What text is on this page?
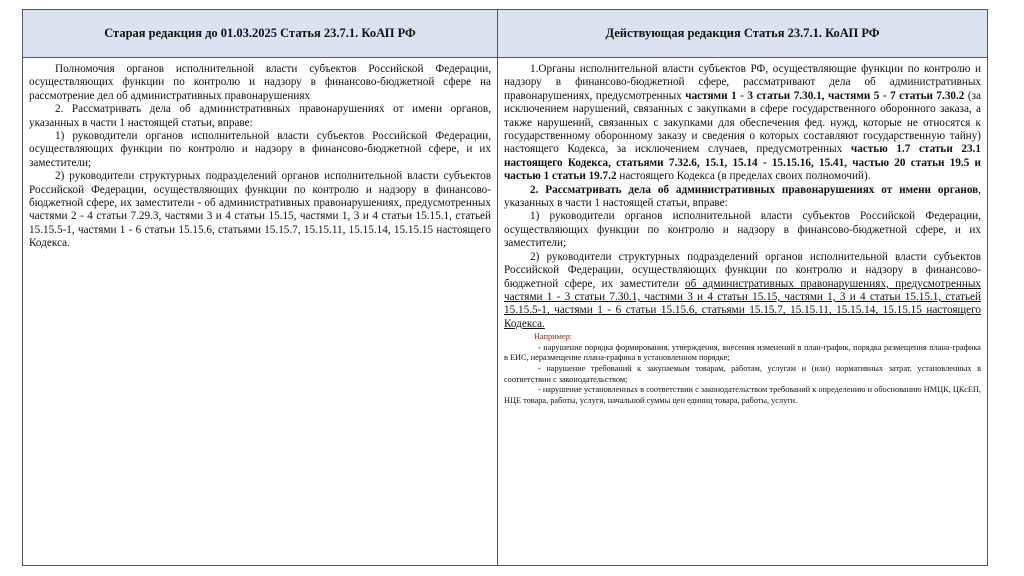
Старая редакция до 01.03.2025 Статья 23.7.1. КоАП РФ	Действующая редакция Статья 23.7.1. КоАП РФ

Полномочия органов исполнительной власти субъектов Российской Федерации, осуществляющих функции по контролю и надзору в финансово-бюджетной сфере на рассмотрение дел об административных правонарушениях

2. Рассматривать дела об административных правонарушениях от имени органов, указанных в части 1 настоящей статьи, вправе:

1) руководители органов исполнительной власти субъектов Российской Федерации, осуществляющих функции по контролю и надзору в финансово-бюджетной сфере, и их заместители;

2) руководители структурных подразделений органов исполнительной власти субъектов Российской Федерации, осуществляющих функции по контролю и надзору в финансово-бюджетной сфере, их заместители - об административных правонарушениях, предусмотренных частями 2 - 4 статьи 7.29.3, частями 3 и 4 статьи 15.15, частями 1, 3 и 4 статьи 15.15.1, статьей 15.15.5-1, частями 1 - 6 статьи 15.15.6, статьями 15.15.7, 15.15.11, 15.15.14, 15.15.15 настоящего Кодекса.

1.Органы исполнительной власти субъектов РФ, осуществляющие функции по контролю и надзору в финансово-бюджетной сфере, рассматривают дела об административных правонарушениях, предусмотренных частями 1 - 3 статьи 7.30.1, частями 5 - 7 статьи 7.30.2 (за исключением нарушений, связанных с закупками в сфере государственного оборонного заказа, а также нарушений, связанных с закупками для обеспечения фед. нужд, которые не относятся к государственному оборонному заказу и сведения о которых составляют государственную тайну) настоящего Кодекса, за исключением случаев, предусмотренных частью 1.7 статьи 23.1 настоящего Кодекса, статьями 7.32.6, 15.1, 15.14 - 15.15.16, 15.41, частью 20 статьи 19.5 и частью 1 статьи 19.7.2 настоящего Кодекса (в пределах своих полномочий).

2. Рассматривать дела об административных правонарушениях от имени органов, указанных в части 1 настоящей статьи, вправе:

1) руководители органов исполнительной власти субъектов Российской Федерации, осуществляющих функции по контролю и надзору в финансово-бюджетной сфере, и их заместители;

2) руководители структурных подразделений органов исполнительной власти субъектов Российской Федерации, осуществляющих функции по контролю и надзору в финансово-бюджетной сфере, их заместители об административных правонарушениях, предусмотренных частями 1 - 3 статьи 7.30.1, частями 3 и 4 статьи 15.15, частями 1, 3 и 4 статьи 15.15.1, статьей 15.15.5-1, частями 1 - 6 статьи 15.15.6, статьями 15.15.7, 15.15.11, 15.15.14, 15.15.15 настоящего Кодекса.

Например:

- нарушение порядка формирования, утверждения, внесения изменений в план-график, порядка размещения плана-графика в ЕИС, неразмещение плана-графика в установленном порядке;

- нарушение требований к закупаемым товарам, работам, услугам и (или) нормативных затрат, установленных в соответствии с законодательством;

- нарушение установленных в соответствии с законодательством требований к определению и обоснованию НМЦК, ЦКсЕП, НЦЕ товара, работы, услуги, начальной суммы цен единиц товара, работы, услуги.
